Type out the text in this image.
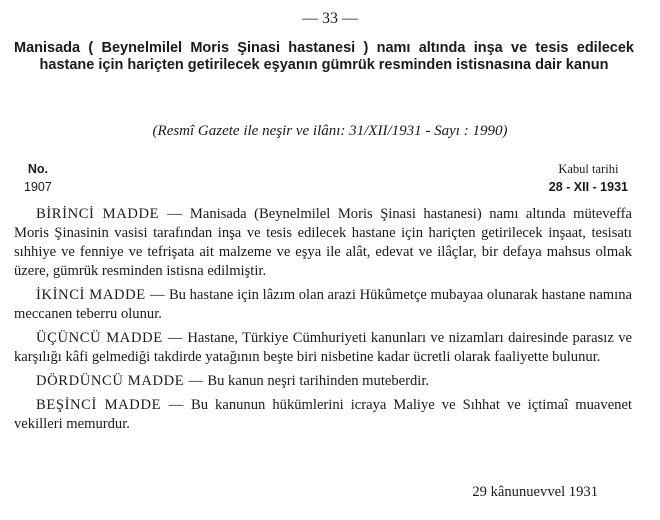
— 33 —

Manisada ( Beynelmilel Moris Şinasi hastanesi ) namı altında inşa ve tesis edilecek hastane için hariçten getirilecek eşyanın gümrük resminden istisnasına dair kanun

(Resmî Gazete ile neşir ve ilânı: 31/XII/1931 - Sayı : 1990)
No.
1907
Kabul tarihi
28 - XII - 1931

BİRİNCİ MADDE — Manisada (Beynelmilel Moris Şinasi hastanesi) namı altında müteveffa Moris Şinasinin vasisi tarafından inşa ve tesis edilecek hastane için hariçten getirilecek inşaat, tesisatı sıhhiye ve fenniye ve tefrişata ait malzeme ve eşya ile alât, edevat ve ilâçlar, bir defaya mahsus olmak üzere, gümrük resminden istisna edilmiştir.

İKİNCİ MADDE — Bu hastane için lâzım olan arazi Hükûmetçe mubayaa olunarak hastane namına meccanen teberru olunur.

ÜÇÜNCÜ MADDE — Hastane, Türkiye Cümhuriyeti kanunları ve nizamları dairesinde parasız ve karşılığı kâfi gelmediği takdirde yatağının beşte biri nisbetine kadar ücretli olarak faaliyette bulunur.

DÖRDÜNCÜ MADDE — Bu kanun neşri tarihinden muteberdir.

BEŞİNCİ MADDE — Bu kanunun hükümlerini icraya Maliye ve Sıhhat ve içtimaî muavenet vekilleri memurdur.

29 kânunuevvel 1931
